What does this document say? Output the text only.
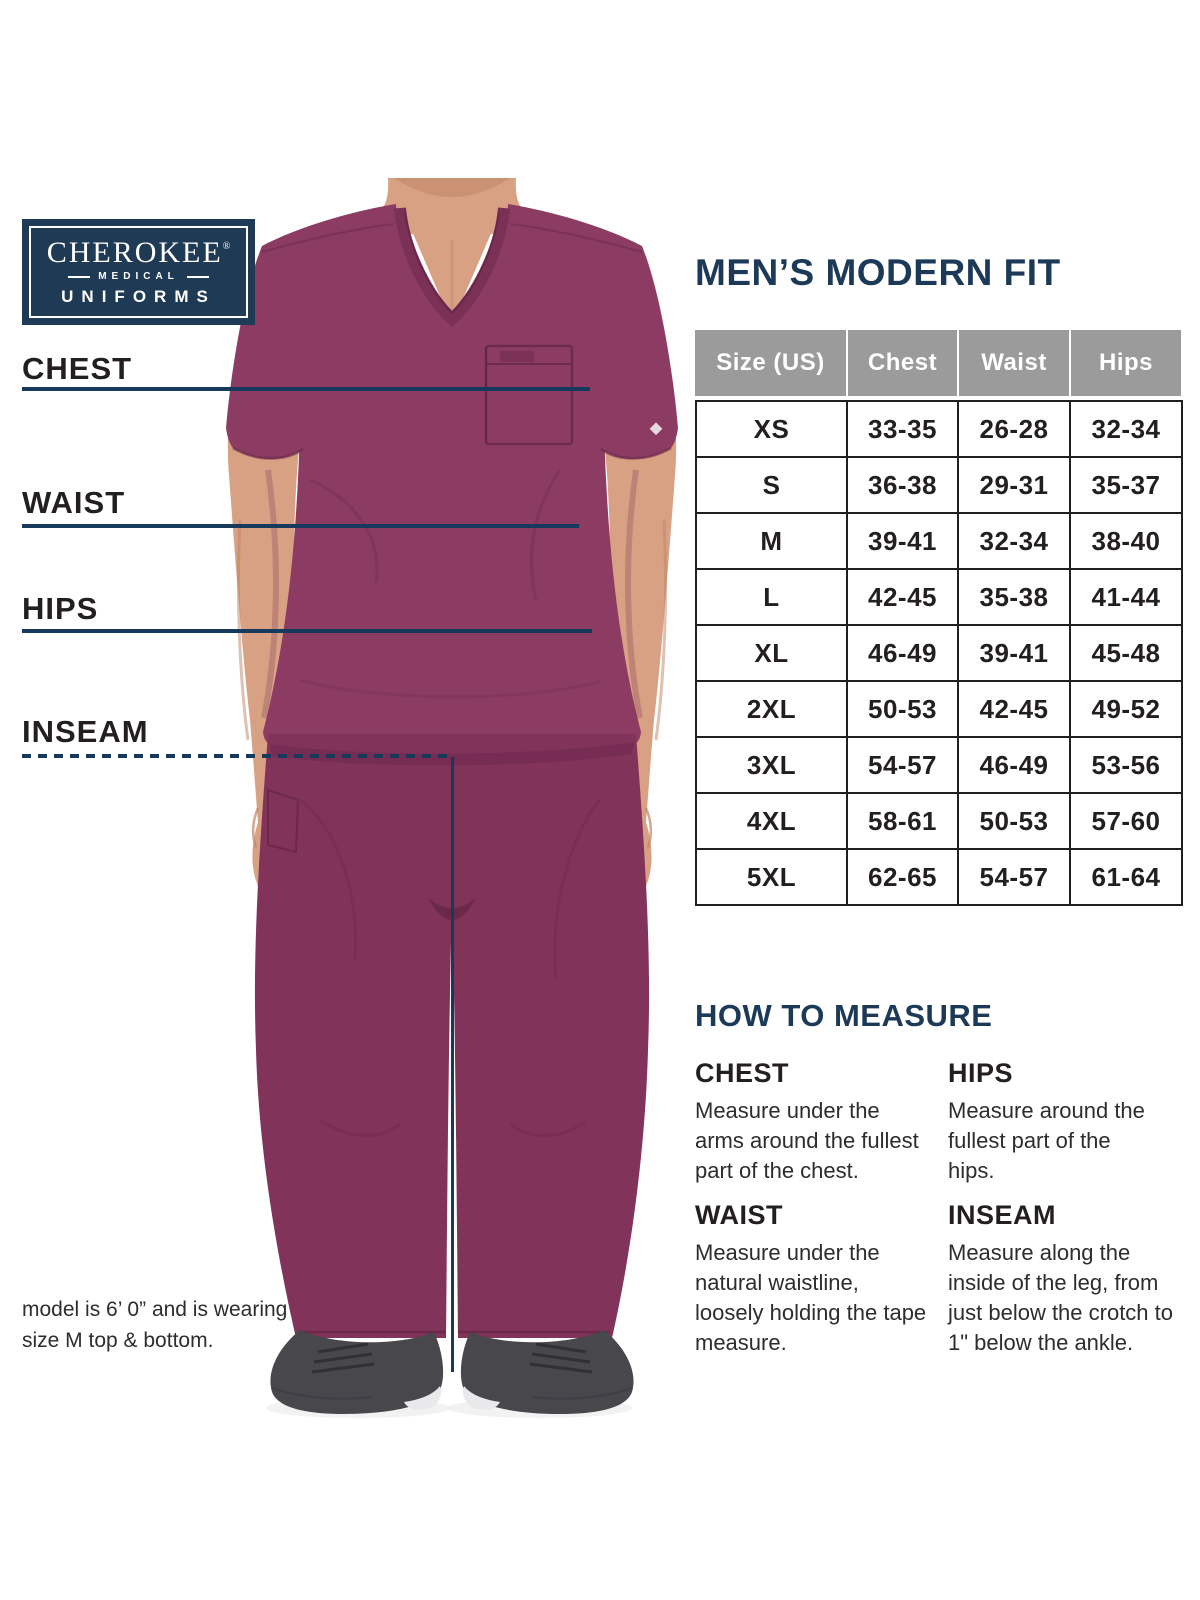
CHEST
WAIST
HIPS
INSEAM
CHEROKEE®
MEDICAL
UNIFORMS
MEN’S MODERN FIT
Size (US)	Chest	Waist	Hips
XS	33-35	26-28	32-34
S	36-38	29-31	35-37
M	39-41	32-34	38-40
L	42-45	35-38	41-44
XL	46-49	39-41	45-48
2XL	50-53	42-45	49-52
3XL	54-57	46-49	53-56
4XL	58-61	50-53	57-60
5XL	62-65	54-57	61-64
HOW TO MEASURE

CHEST

Measure under the arms around the fullest part of the chest.

HIPS

Measure around the fullest part of the hips.

WAIST

Measure under the natural waistline, loosely holding the tape measure.

INSEAM

Measure along the inside of the leg, from just below the crotch to 1" below the ankle.

model is 6’ 0” and is wearing
size M top & bottom.
